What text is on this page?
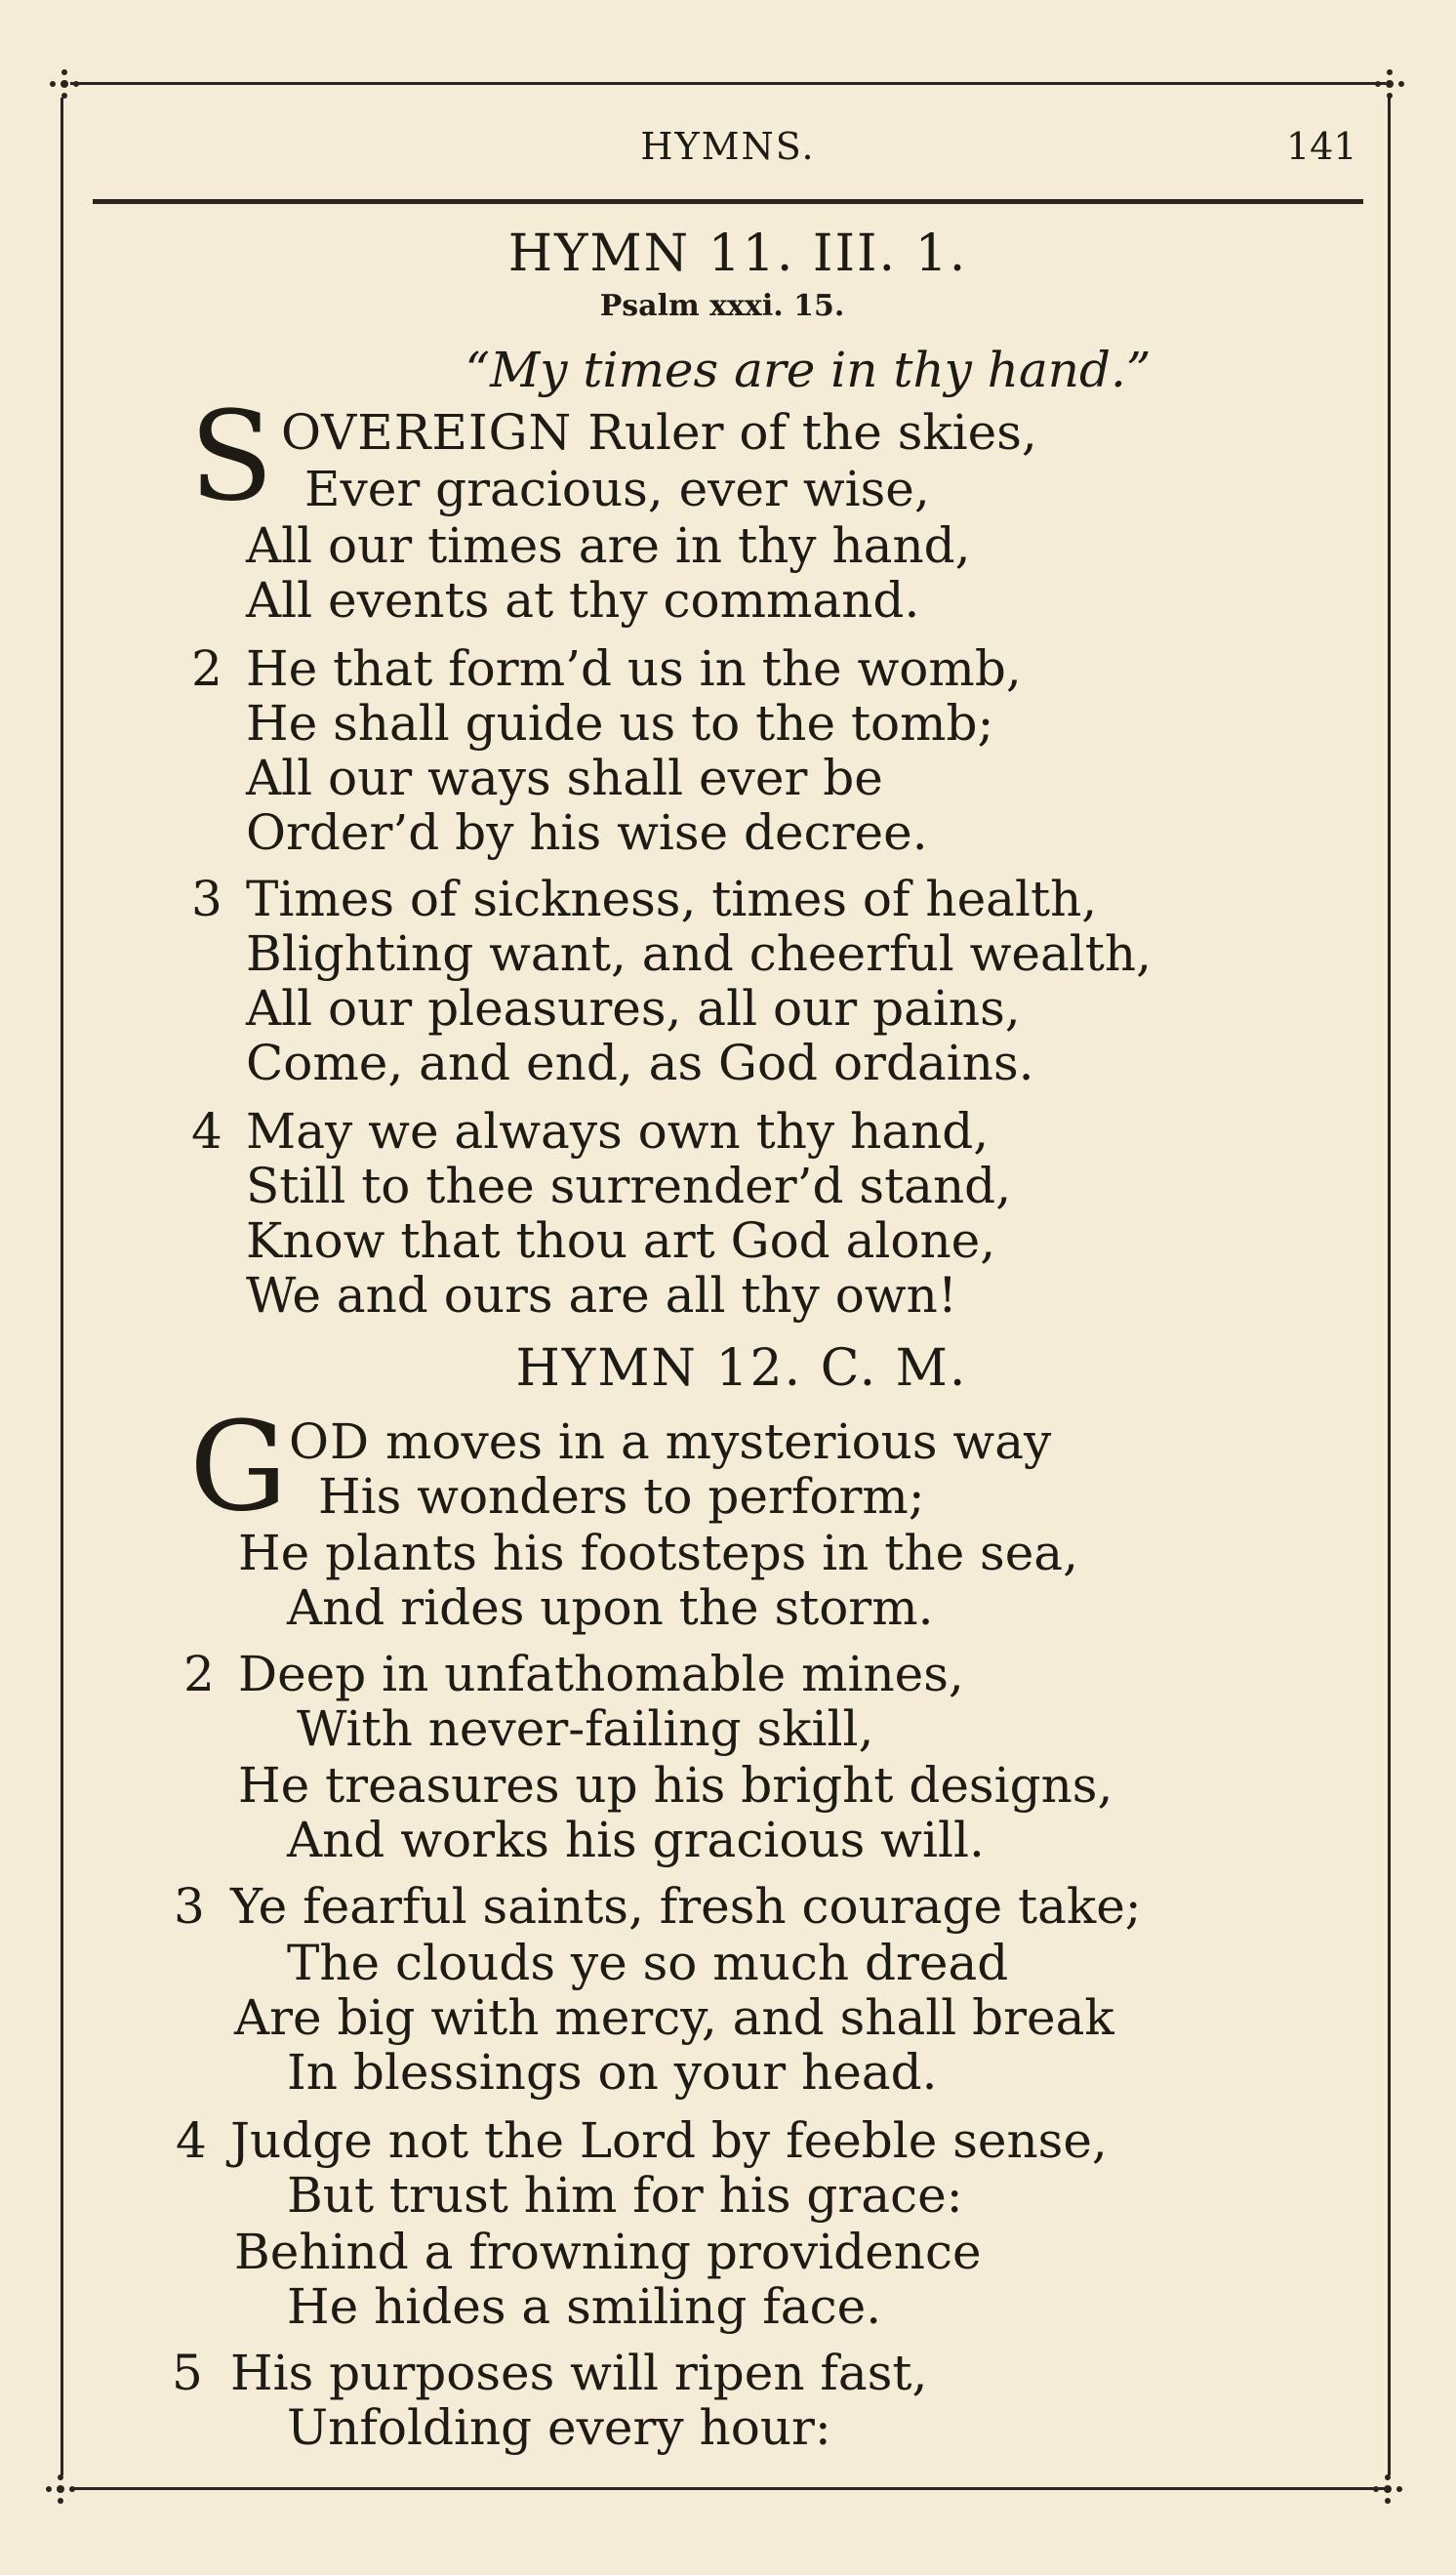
HYMNS.	141
HYMN 11. III. 1.
Psalm xxxi. 15.
“My times are in thy hand.”
S OVEREIGN Ruler of the skies,
Ever gracious, ever wise,
All our times are in thy hand,
All events at thy command.
2 He that form’d us in the womb,
He shall guide us to the tomb;
All our ways shall ever be
Order’d by his wise decree.
3 Times of sickness, times of health,
Blighting want, and cheerful wealth,
All our pleasures, all our pains,
Come, and end, as God ordains.
4 May we always own thy hand,
Still to thee surrender’d stand,
Know that thou art God alone,
We and ours are all thy own!
HYMN 12. C. M.
G OD moves in a mysterious way
His wonders to perform;
He plants his footsteps in the sea,
And rides upon the storm.
2 Deep in unfathomable mines,
With never-failing skill,
He treasures up his bright designs,
And works his gracious will.
3 Ye fearful saints, fresh courage take;
The clouds ye so much dread
Are big with mercy, and shall break
In blessings on your head.
4 Judge not the Lord by feeble sense,
But trust him for his grace:
Behind a frowning providence
He hides a smiling face.
5 His purposes will ripen fast,
Unfolding every hour:
